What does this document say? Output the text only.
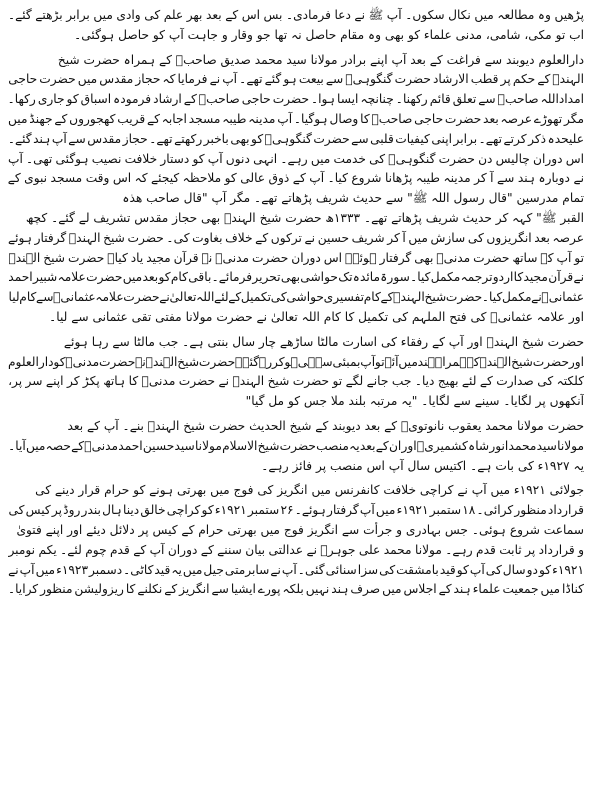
پڑھیں وہ مطالعہ میں نکال سکوں۔ آپ ﷺ نے دعا فرمادی۔ بس اس کے بعد بھر علم کی وادی میں برابر بڑھتے گئے۔
اب تو مکی، شامی، مدنی علماء کو بھی وہ مقام حاصل نہ تھا جو وقار و جاہت آپ کو حاصل ہوگئی۔
دارالعلوم دیوبند سے فراغت کے بعد آپ اپنے برادر مولانا سید محمد صدیق صاحبؒ کے ہمراہ حضرت شیخ
الہندؒ کے حکم پر قطب الارشاد حضرت گنگوہیؒ سے بیعت ہو گئے تھے۔ آپ نے فرمایا کہ حجاز مقدس میں حضرت حاجی
امداداللہ صاحبؒ سے تعلق قائم رکھنا۔ چنانچہ ایسا ہوا۔ حضرت حاجی صاحبؒ کے ارشاد فرمودہ اسباق کو جاری رکھا۔
مگر تھوڑے عرصہ بعد حضرت حاجی صاحبؒ کا وصال ہوگیا۔ آپ مدینہ طیبہ مسجد اجابہ کے قریب کھجوروں کے جھنڈ میں
علیحدہ ذکر کرتے تھے۔ برابر اپنی کیفیات قلبی سے حضرت گنگوہیؒ کو بھی باخبر رکھتے تھے۔ حجاز مقدس سے آپ ہند گئے۔
اس دوران چالیس دن حضرت گنگوہیؒ کی خدمت میں رہے۔ انہی دنوں آپ کو دستار خلافت نصیب ہوگئی تھی۔ آپ
نے دوبارہ ہند سے آ کر مدینہ طیبہ پڑھانا شروع کیا۔ آپ کے ذوق عالی کو ملاحظہ کیجئے کہ اس وقت مسجد نبوی کے
تمام مدرسین "قال رسول اللہ ﷺ" سے حدیث شریف پڑھاتے تھے۔ مگر آپ "قال صاحب ھذہ
القبر ﷺ" کہہ کر حدیث شریف پڑھاتے تھے۔ ۱۳۳۳ھ حضرت شیخ الہندؒ بھی حجاز مقدس تشریف لے گئے۔ کچھ
عرصہ بعد انگریزوں کی سازش میں آ کر شریف حسین نے ترکوں کے خلاف بغاوت کی۔ حضرت شیخ الہندؒ گرفتار ہوئے
تو آپ کے ساتھ حضرت مدنیؒ بھی گرفتار ہوئے۔ اس دوران حضرت مدنیؒ نے قرآن مجید یاد کیا۔ حضرت شیخ الہندؒ
نے قرآن مجید کا اردو ترجمہ مکمل کیا۔ سورۃ مائدہ تک حواشی بھی تحریر فرمائے۔ باقی کام کو بعد میں حضرت علامہ شبیر احمد
عثمانیؒ نے مکمل کیا۔ حضرت شیخ الہندؒ کے کام تفسیری حواشی کی تکمیل کے لئے اللہ تعالیٰ نے حضرت علامہ عثمانیؒ سے کام لیا
اور علامہ عثمانیؒ کی فتح الملہم کی تکمیل کا کام اللہ تعالیٰ نے حضرت مولانا مفتی تقی عثمانی سے لیا۔
حضرت شیخ الہندؒ اور آپ کے رفقاء کی اسارت مالٹا ساڑھے چار سال بنتی ہے۔ جب مالٹا سے رہا ہوئے
اور حضرت شیخ الہندؒ کے ہمراہ ہند میں آئے تو آپ بمبئی سے ہی ہو کر رہ گئے۔ حضرت شیخ الہندؒ نے حضرت مدنیؒ کو دارالعلوم
کلکتہ کی صدارت کے لئے بھیج دیا۔ جب جانے لگے تو حضرت شیخ الہندؒ نے حضرت مدنیؒ کا ہاتھ پکڑ کر اپنے سر پر،
آنکھوں پر لگایا۔ سینے سے لگایا۔ "یہ مرتبہ بلند ملا جس کو مل گیا"
حضرت مولانا محمد یعقوب نانوتویؒ کے بعد دیوبند کے شیخ الحدیث حضرت شیخ الہندؒ بنے۔ آپ کے بعد
مولانا سید محمد انور شاہ کشمیریؒ اور ان کے بعد یہ منصب حضرت شیخ الاسلام مولانا سید حسین احمد مدنیؒ کے حصہ میں آیا۔
یہ ۱۹۲۷ء کی بات ہے۔ اکتیس سال آپ اس منصب پر فائز رہے۔
جولائی ۱۹۲۱ء میں آپ نے کراچی خلافت کانفرنس میں انگریز کی فوج میں بھرتی ہونے کو حرام قرار دینے کی
قرارداد منظور کرائی۔ ۱۸ ستمبر ۱۹۲۱ء میں آپ گرفتار ہوئے۔ ۲۶ ستمبر ۱۹۲۱ء کو کراچی خالق دینا ہال بندر روڈ پر کیس کی
سماعت شروع ہوئی۔ جس بہادری و جرأت سے انگریز فوج میں بھرتی حرام کے کیس پر دلائل دیئے اور اپنے فتویٰ
و قرارداد پر ثابت قدم رہے۔ مولانا محمد علی جوہرؒ نے عدالتی بیان سننے کے دوران آپ کے قدم چوم لئے۔ یکم نومبر
۱۹۲۱ء کو دو سال کی آپ کو قید بامشقت کی سزا سنائی گئی۔ آپ نے سابرمتی جیل میں یہ قید کاٹی۔ دسمبر ۱۹۲۳ء میں آپ نے
کناڈا میں جمعیت علماء ہند کے اجلاس میں صرف ہند نہیں بلکہ پورے ایشیا سے انگریز کے نکلنے کا ریزولیشن منظور کرایا۔
